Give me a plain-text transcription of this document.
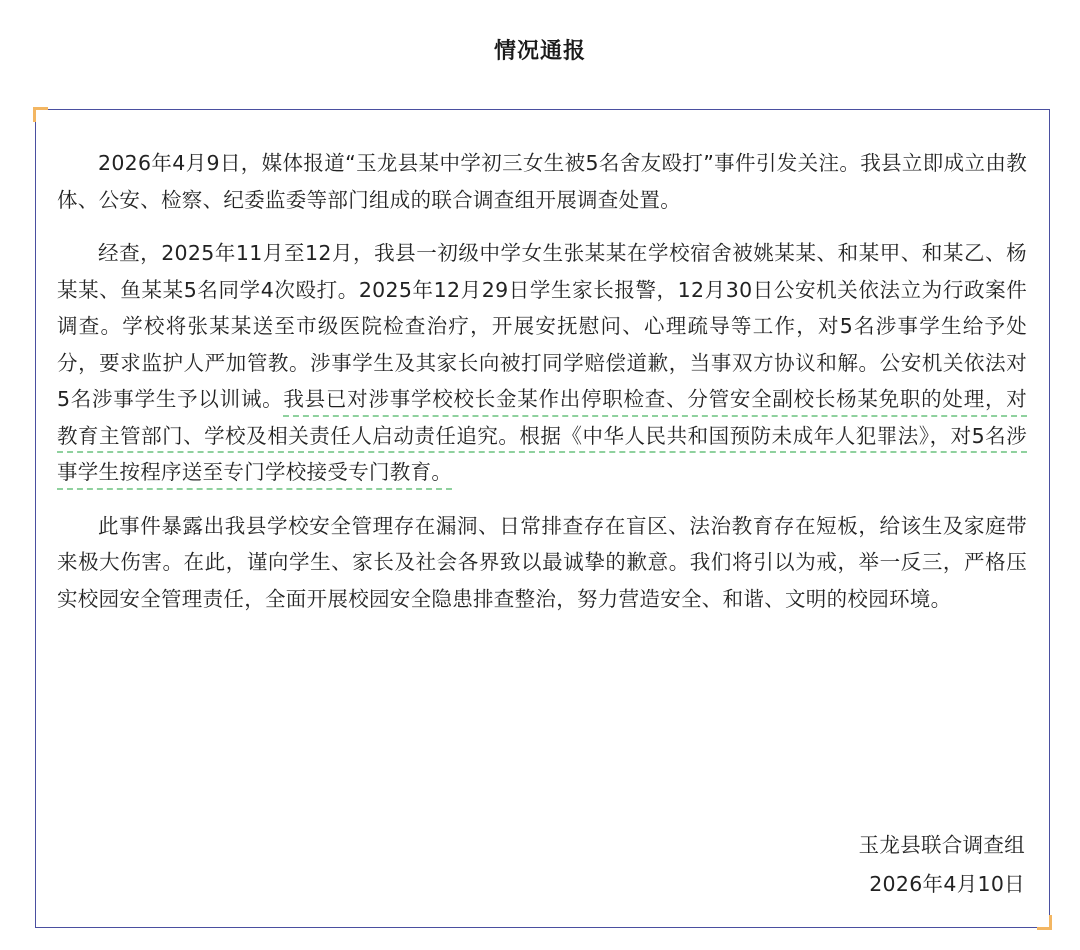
情况通报

2026年4月9日，媒体报道“玉龙县某中学初三女生被5名舍友殴打”事件引发关注。我县立即成立由教体、公安、检察、纪委监委等部门组成的联合调查组开展调查处置。

经查，2025年11月至12月，我县一初级中学女生张某某在学校宿舍被姚某某、和某甲、和某乙、杨某某、鱼某某5名同学4次殴打。2025年12月29日学生家长报警，12月30日公安机关依法立为行政案件调查。学校将张某某送至市级医院检查治疗，开展安抚慰问、心理疏导等工作，对5名涉事学生给予处分，要求监护人严加管教。涉事学生及其家长向被打同学赔偿道歉，当事双方协议和解。公安机关依法对5名涉事学生予以训诫。我县已对涉事学校校长金某作出停职检查、分管安全副校长杨某免职的处理，对教育主管部门、学校及相关责任人启动责任追究。根据《中华人民共和国预防未成年人犯罪法》，对5名涉事学生按程序送至专门学校接受专门教育。

此事件暴露出我县学校安全管理存在漏洞、日常排查存在盲区、法治教育存在短板，给该生及家庭带来极大伤害。在此，谨向学生、家长及社会各界致以最诚挚的歉意。我们将引以为戒，举一反三，严格压实校园安全管理责任，全面开展校园安全隐患排查整治，努力营造安全、和谐、文明的校园环境。

玉龙县联合调查组
2026年4月10日
